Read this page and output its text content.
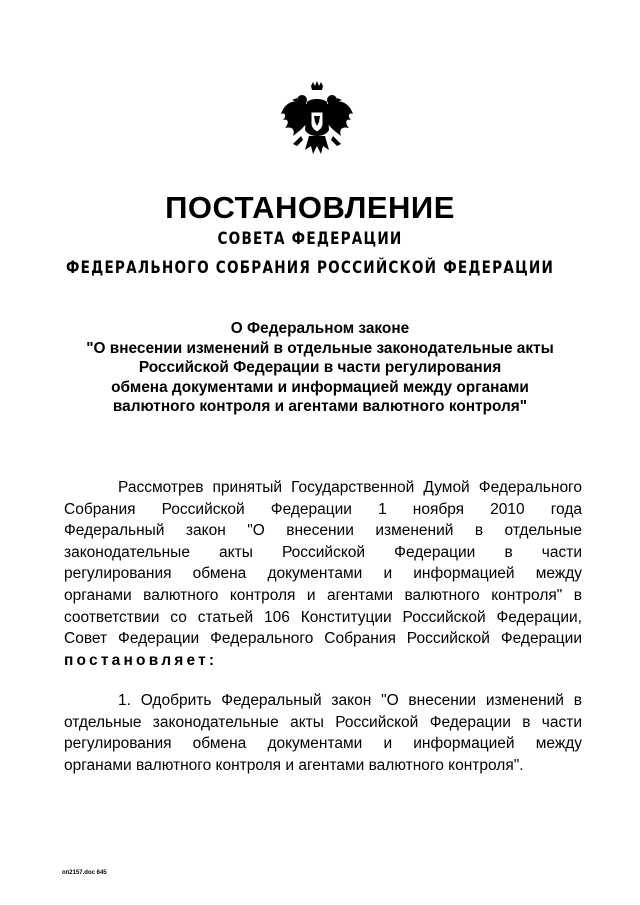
ПОСТАНОВЛЕНИЕ
СОВЕТА ФЕДЕРАЦИИ
ФЕДЕРАЛЬНОГО СОБРАНИЯ РОССИЙСКОЙ ФЕДЕРАЦИИ
О Федеральном законе
"О внесении изменений в отдельные законодательные акты
Российской Федерации в части регулирования
обмена документами и информацией между органами
валютного контроля и агентами валютного контроля"
Рассмотрев принятый Государственной Думой Федерального
Собрания Российской Федерации 1 ноября 2010 года
Федеральный закон "О внесении изменений в отдельные
законодательные акты Российской Федерации в части
регулирования обмена документами и информацией между
органами валютного контроля и агентами валютного контроля" в
соответствии со статьей 106 Конституции Российской Федерации,
Совет Федерации Федерального Собрания Российской Федерации
постановляет:
1. Одобрить Федеральный закон "О внесении изменений в
отдельные законодательные акты Российской Федерации в части
регулирования обмена документами и информацией между
органами валютного контроля и агентами валютного контроля".
оп2157.doc 645
